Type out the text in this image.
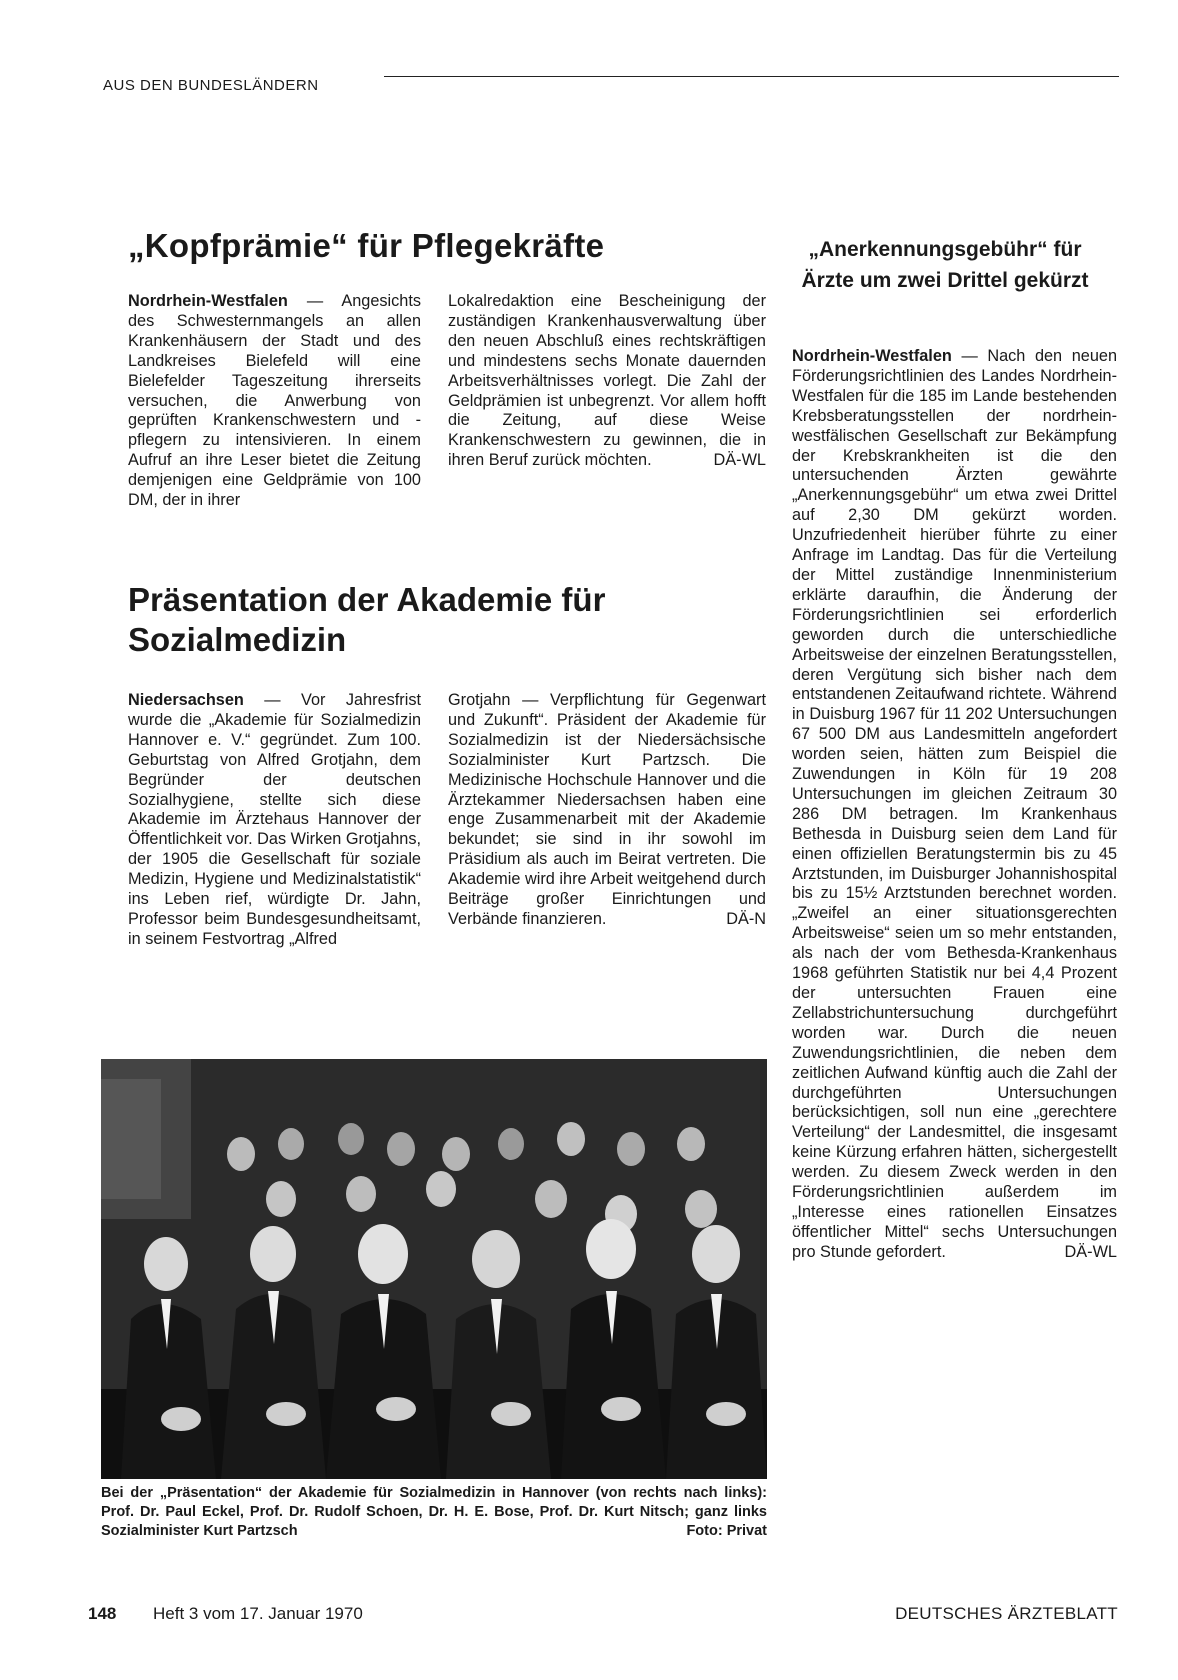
AUS DEN BUNDESLÄNDERN
„Kopfprämie“ für Pflegekräfte

Nordrhein-Westfalen — Angesichts des Schwesternmangels an allen Krankenhäusern der Stadt und des Landkreises Bielefeld will eine Bielefelder Tageszeitung ihrerseits versuchen, die Anwerbung von geprüften Krankenschwestern und -pflegern zu intensivieren. In einem Aufruf an ihre Leser bietet die Zeitung demjenigen eine Geldprämie von 100 DM, der in ihrer

Lokalredaktion eine Bescheinigung der zuständigen Krankenhausverwaltung über den neuen Abschluß eines rechtskräftigen und mindestens sechs Monate dauernden Arbeitsverhältnisses vorlegt. Die Zahl der Geldprämien ist unbegrenzt. Vor allem hofft die Zeitung, auf diese Weise Krankenschwestern zu gewinnen, die in ihren Beruf zurück möchten.	DÄ-WL

Präsentation der Akademie für Sozialmedizin

Niedersachsen — Vor Jahresfrist wurde die „Akademie für Sozialmedizin Hannover e. V.“ gegründet. Zum 100. Geburtstag von Alfred Grotjahn, dem Begründer der deutschen Sozialhygiene, stellte sich diese Akademie im Ärztehaus Hannover der Öffentlichkeit vor. Das Wirken Grotjahns, der 1905 die Gesellschaft für soziale Medizin, Hygiene und Medizinalstatistik“ ins Leben rief, würdigte Dr. Jahn, Professor beim Bundesgesundheitsamt, in seinem Festvortrag „Alfred

Grotjahn — Verpflichtung für Gegenwart und Zukunft“. Präsident der Akademie für Sozialmedizin ist der Niedersächsische Sozialminister Kurt Partzsch. Die Medizinische Hochschule Hannover und die Ärztekammer Niedersachsen haben eine enge Zusammenarbeit mit der Akademie bekundet; sie sind in ihr sowohl im Präsidium als auch im Beirat vertreten. Die Akademie wird ihre Arbeit weitgehend durch Beiträge großer Einrichtungen und Verbände finanzieren.	DÄ-N

Bei der „Präsentation“ der Akademie für Sozialmedizin in Hannover (von rechts nach links): Prof. Dr. Paul Eckel, Prof. Dr. Rudolf Schoen, Dr. H. E. Bose, Prof. Dr. Kurt Nitsch; ganz links Sozialminister Kurt Partzsch	Foto: Privat

„Anerkennungsgebühr“ für Ärzte um zwei Drittel gekürzt

Nordrhein-Westfalen — Nach den neuen Förderungsrichtlinien des Landes Nordrhein-Westfalen für die 185 im Lande bestehenden Krebsberatungsstellen der nordrhein-westfälischen Gesellschaft zur Bekämpfung der Krebskrankheiten ist die den untersuchenden Ärzten gewährte „Anerkennungsgebühr“ um etwa zwei Drittel auf 2,30 DM gekürzt worden. Unzufriedenheit hierüber führte zu einer Anfrage im Landtag. Das für die Verteilung der Mittel zuständige Innenministerium erklärte daraufhin, die Änderung der Förderungsrichtlinien sei erforderlich geworden durch die unterschiedliche Arbeitsweise der einzelnen Beratungsstellen, deren Vergütung sich bisher nach dem entstandenen Zeitaufwand richtete. Während in Duisburg 1967 für 11 202 Untersuchungen 67 500 DM aus Landesmitteln angefordert worden seien, hätten zum Beispiel die Zuwendungen in Köln für 19 208 Untersuchungen im gleichen Zeitraum 30 286 DM betragen. Im Krankenhaus Bethesda in Duisburg seien dem Land für einen offiziellen Beratungstermin bis zu 45 Arztstunden, im Duisburger Johannishospital bis zu 15½ Arztstunden berechnet worden. „Zweifel an einer situationsgerechten Arbeitsweise“ seien um so mehr entstanden, als nach der vom Bethesda-Krankenhaus 1968 geführten Statistik nur bei 4,4 Prozent der untersuchten Frauen eine Zellabstrichuntersuchung durchgeführt worden war. Durch die neuen Zuwendungsrichtlinien, die neben dem zeitlichen Aufwand künftig auch die Zahl der durchgeführten Untersuchungen berücksichtigen, soll nun eine „gerechtere Verteilung“ der Landesmittel, die insgesamt keine Kürzung erfahren hätten, sichergestellt werden. Zu diesem Zweck werden in den Förderungsrichtlinien außerdem im „Interesse eines rationellen Einsatzes öffentlicher Mittel“ sechs Untersuchungen pro Stunde gefordert.	DÄ-WL

148 Heft 3 vom 17. Januar 1970	DEUTSCHES ÄRZTEBLATT
